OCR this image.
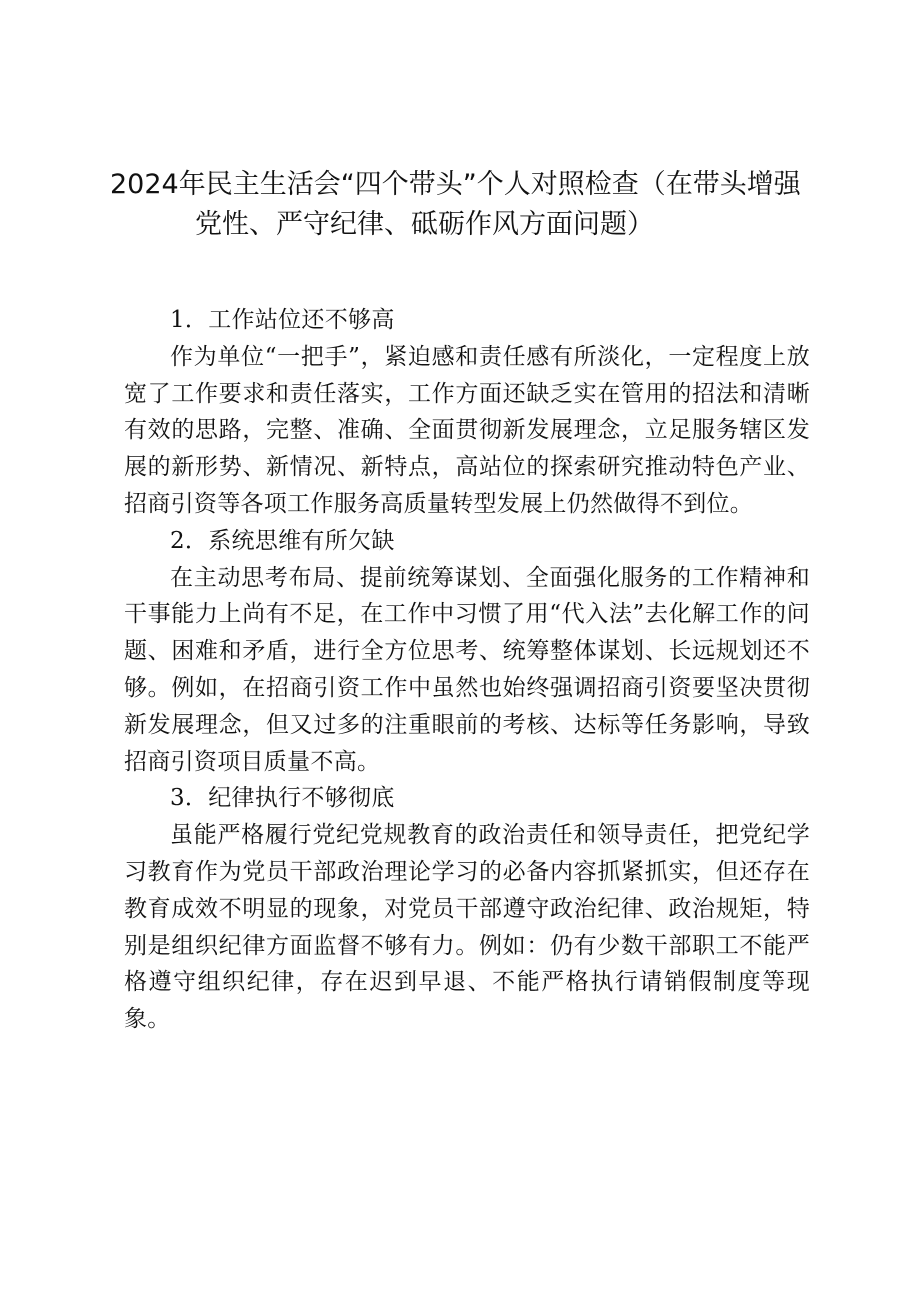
2024年民主生活会“四个带头”个人对照检查（在带头增强
党性、严守纪律、砥砺作风方面问题）

1．工作站位还不够高

作为单位“一把手”，紧迫感和责任感有所淡化，一定程度上放宽了工作要求和责任落实，工作方面还缺乏实在管用的招法和清晰有效的思路，完整、准确、全面贯彻新发展理念，立足服务辖区发展的新形势、新情况、新特点，高站位的探索研究推动特色产业、招商引资等各项工作服务高质量转型发展上仍然做得不到位。

2．系统思维有所欠缺

在主动思考布局、提前统筹谋划、全面强化服务的工作精神和干事能力上尚有不足，在工作中习惯了用“代入法”去化解工作的问题、困难和矛盾，进行全方位思考、统筹整体谋划、长远规划还不够。例如，在招商引资工作中虽然也始终强调招商引资要坚决贯彻新发展理念，但又过多的注重眼前的考核、达标等任务影响，导致招商引资项目质量不高。

3．纪律执行不够彻底

虽能严格履行党纪党规教育的政治责任和领导责任，把党纪学习教育作为党员干部政治理论学习的必备内容抓紧抓实，但还存在教育成效不明显的现象，对党员干部遵守政治纪律、政治规矩，特别是组织纪律方面监督不够有力。例如：仍有少数干部职工不能严格遵守组织纪律，存在迟到早退、不能严格执行请销假制度等现象。
